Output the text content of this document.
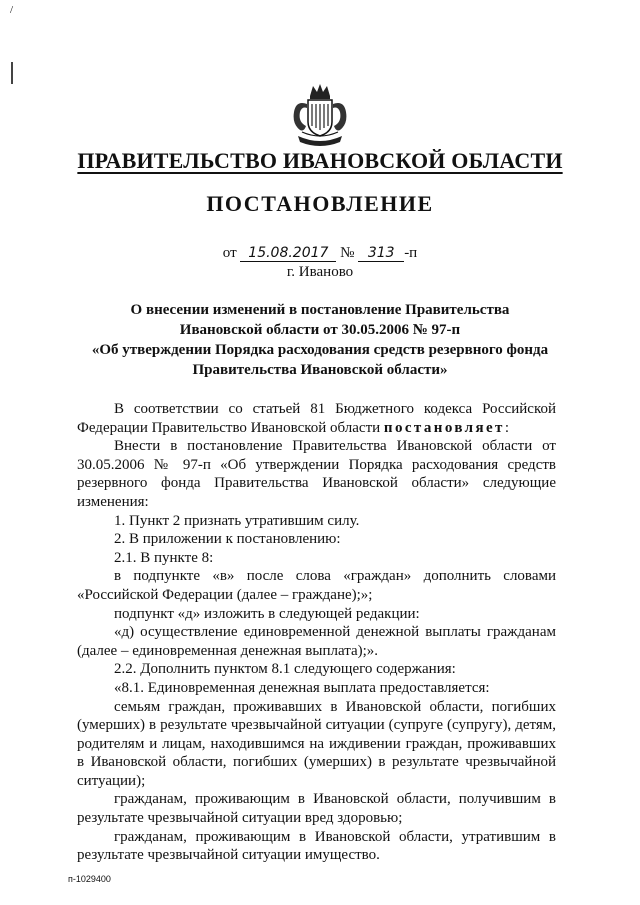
/
ПРАВИТЕЛЬСТВО ИВАНОВСКОЙ ОБЛАСТИ
ПОСТАНОВЛЕНИЕ
от 15.08.2017 № 313 -п
г. Иваново
О внесении изменений в постановление Правительства
Ивановской области от 30.05.2006 № 97-п
«Об утверждении Порядка расходования средств резервного фонда
Правительства Ивановской области»
В соответствии со статьей 81 Бюджетного кодекса Российской Федерации Правительство Ивановской области постановляет:
Внести в постановление Правительства Ивановской области от 30.05.2006 № 97-п «Об утверждении Порядка расходования средств резервного фонда Правительства Ивановской области» следующие изменения:
1. Пункт 2 признать утратившим силу.
2. В приложении к постановлению:
2.1. В пункте 8:
в подпункте «в» после слова «граждан» дополнить словами «Российской Федерации (далее – граждане);»;
подпункт «д» изложить в следующей редакции:
«д) осуществление единовременной денежной выплаты гражданам (далее – единовременная денежная выплата);».
2.2. Дополнить пунктом 8.1 следующего содержания:
«8.1. Единовременная денежная выплата предоставляется:
семьям граждан, проживавших в Ивановской области, погибших (умерших) в результате чрезвычайной ситуации (супруге (супругу), детям, родителям и лицам, находившимся на иждивении граждан, проживавших в Ивановской области, погибших (умерших) в результате чрезвычайной ситуации);
гражданам, проживающим в Ивановской области, получившим в результате чрезвычайной ситуации вред здоровью;
гражданам, проживающим в Ивановской области, утратившим в результате чрезвычайной ситуации имущество.
п-1029400
